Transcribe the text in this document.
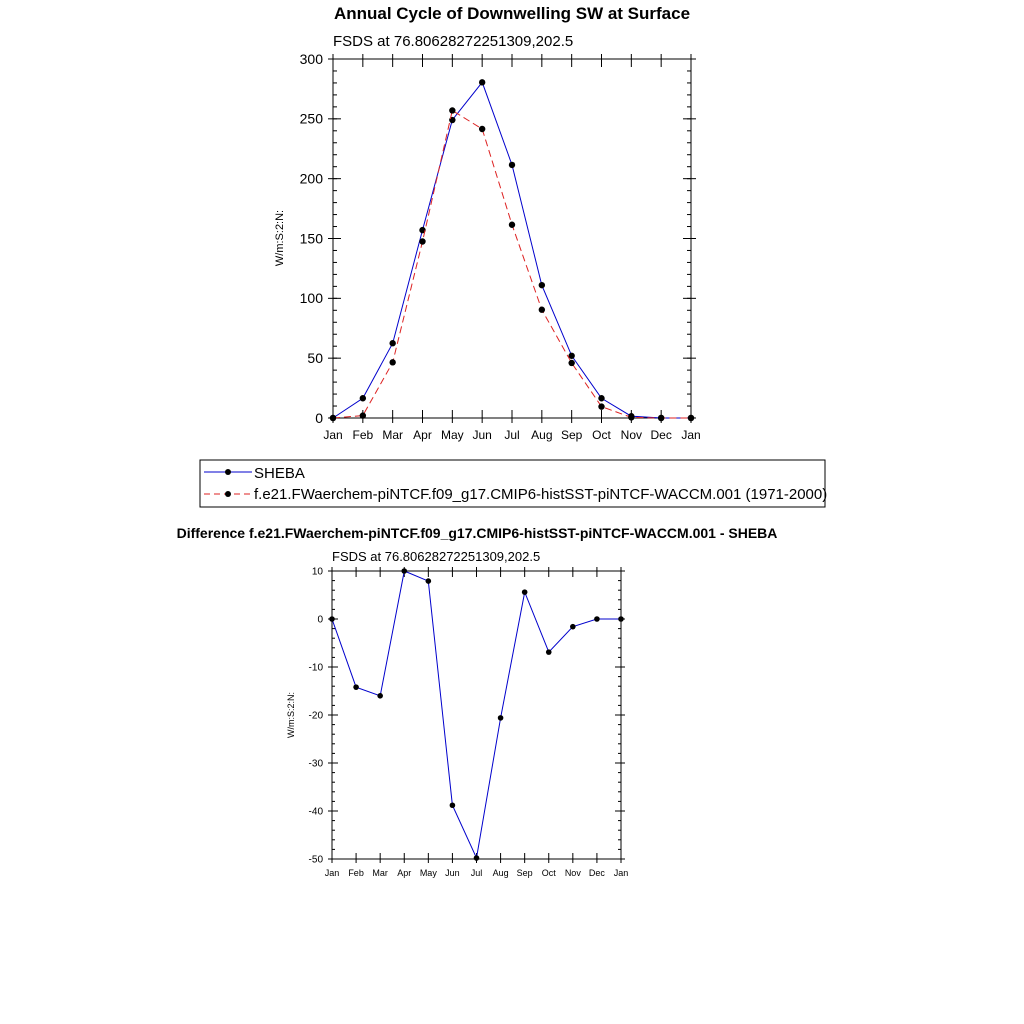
Annual Cycle of Downwelling SW at Surface
FSDS at 76.80628272251309,202.5
W/m:S:2:N:
0
50
100
150
200
250
300
Jan Feb Mar Apr May Jun Jul Aug Sep Oct Nov Dec Jan
SHEBA
f.e21.FWaerchem-piNTCF.f09_g17.CMIP6-histSST-piNTCF-WACCM.001 (1971-2000)
Difference f.e21.FWaerchem-piNTCF.f09_g17.CMIP6-histSST-piNTCF-WACCM.001 - SHEBA
FSDS at 76.80628272251309,202.5
W/m:S:2:N:
10
0
-10
-20
-30
-40
-50
Jan Feb Mar Apr May Jun Jul Aug Sep Oct Nov Dec Jan
